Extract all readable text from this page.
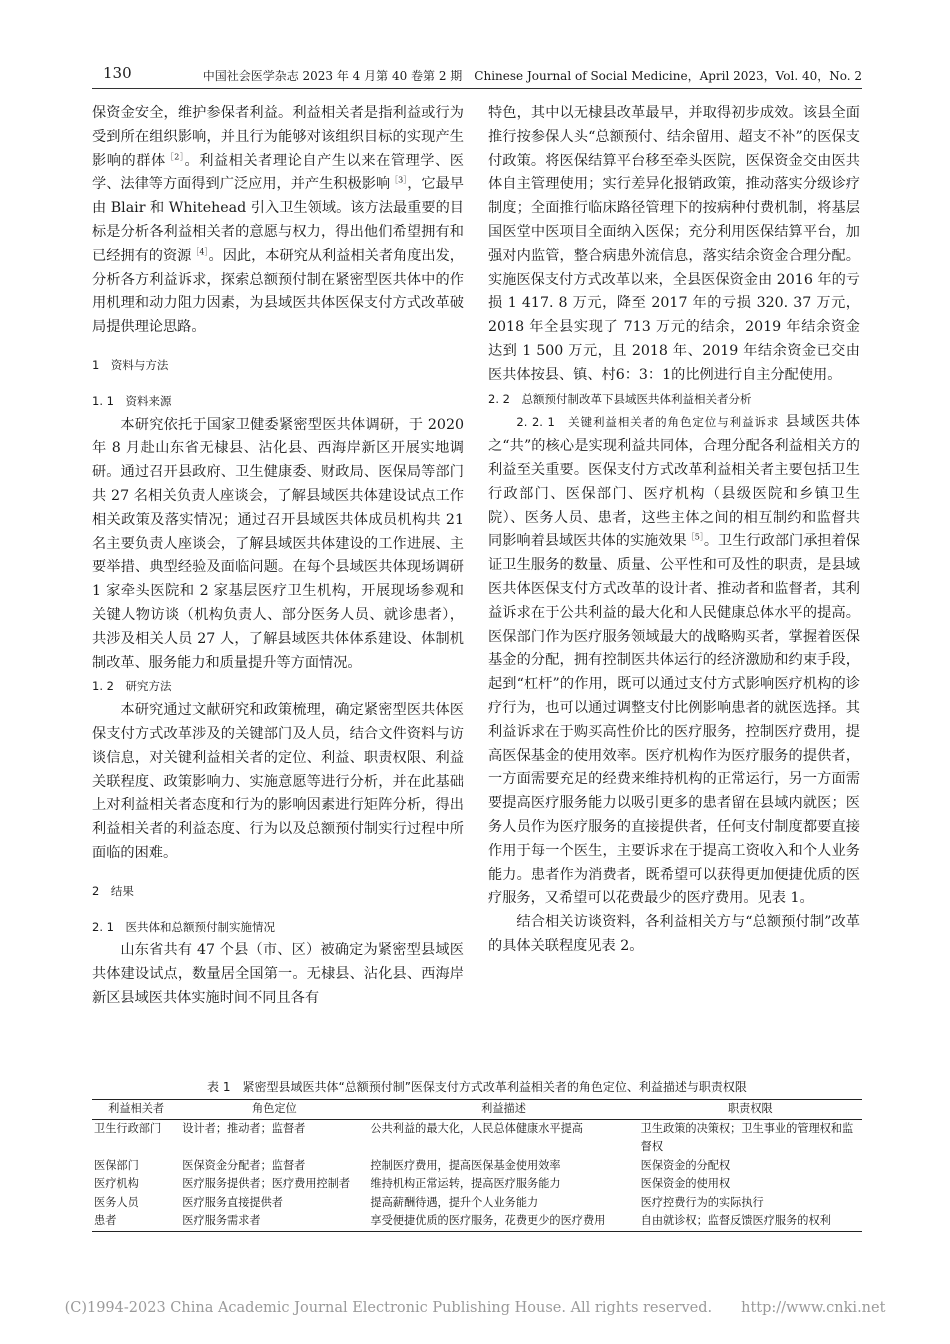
130	中国社会医学杂志 2023 年 4 月第 40 卷第 2 期　Chinese Journal of Social Medicine，April 2023，Vol. 40，No. 2

保资金安全，维护参保者利益。利益相关者是指利益或行为受到所在组织影响，并且行为能够对该组织目标的实现产生影响的群体$^{[2]}$。利益相关者理论自产生以来在管理学、医学、法律等方面得到广泛应用，并产生积极影响$^{[3]}$，它最早由 Blair 和 Whitehead 引入卫生领域。该方法最重要的目标是分析各利益相关者的意愿与权力，得出他们希望拥有和已经拥有的资源$^{[4]}$。因此，本研究从利益相关者角度出发，分析各方利益诉求，探索总额预付制在紧密型医共体中的作用机理和动力阻力因素，为县域医共体医保支付方式改革破局提供理论思路。

1　资料与方法

1. 1　资料来源

本研究依托于国家卫健委紧密型医共体调研，于 2020 年 8 月赴山东省无棣县、沾化县、西海岸新区开展实地调研。通过召开县政府、卫生健康委、财政局、医保局等部门共 27 名相关负责人座谈会，了解县域医共体建设试点工作相关政策及落实情况；通过召开县域医共体成员机构共 21 名主要负责人座谈会，了解县域医共体建设的工作进展、主要举措、典型经验及面临问题。在每个县域医共体现场调研 1 家牵头医院和 2 家基层医疗卫生机构，开展现场参观和关键人物访谈（机构负责人、部分医务人员、就诊患者），共涉及相关人员 27 人，了解县域医共体体系建设、体制机制改革、服务能力和质量提升等方面情况。

1. 2　研究方法

本研究通过文献研究和政策梳理，确定紧密型医共体医保支付方式改革涉及的关键部门及人员，结合文件资料与访谈信息，对关键利益相关者的定位、利益、职责权限、利益关联程度、政策影响力、实施意愿等进行分析，并在此基础上对利益相关者态度和行为的影响因素进行矩阵分析，得出利益相关者的利益态度、行为以及总额预付制实行过程中所面临的困难。

2　结果

2. 1　医共体和总额预付制实施情况

山东省共有 47 个县（市、区）被确定为紧密型县域医共体建设试点，数量居全国第一。无棣县、沾化县、西海岸新区县域医共体实施时间不同且各有

特色，其中以无棣县改革最早，并取得初步成效。该县全面推行按参保人头“总额预付、结余留用、超支不补”的医保支付政策。将医保结算平台移至牵头医院，医保资金交由医共体自主管理使用；实行差异化报销政策，推动落实分级诊疗制度；全面推行临床路径管理下的按病种付费机制，将基层国医堂中医项目全面纳入医保；充分利用医保结算平台，加强对内监管，整合病患外流信息，落实结余资金合理分配。实施医保支付方式改革以来，全县医保资金由 2016 年的亏损 1 417. 8 万元，降至 2017 年的亏损 320. 37 万元，2018 年全县实现了 713 万元的结余，2019 年结余资金达到 1 500 万元，且 2018 年、2019 年结余资金已交由医共体按县、镇、村6：3：1的比例进行自主分配使用。

2. 2　总额预付制改革下县域医共体利益相关者分析

2. 2. 1　关键利益相关者的角色定位与利益诉求 县域医共体之“共”的核心是实现利益共同体，合理分配各利益相关方的利益至关重要。医保支付方式改革利益相关者主要包括卫生行政部门、医保部门、医疗机构（县级医院和乡镇卫生院）、医务人员、患者，这些主体之间的相互制约和监督共同影响着县域医共体的实施效果$^{[5]}$。卫生行政部门承担着保证卫生服务的数量、质量、公平性和可及性的职责，是县域医共体医保支付方式改革的设计者、推动者和监督者，其利益诉求在于公共利益的最大化和人民健康总体水平的提高。医保部门作为医疗服务领域最大的战略购买者，掌握着医保基金的分配，拥有控制医共体运行的经济激励和约束手段，起到“杠杆”的作用，既可以通过支付方式影响医疗机构的诊疗行为，也可以通过调整支付比例影响患者的就医选择。其利益诉求在于购买高性价比的医疗服务，控制医疗费用，提高医保基金的使用效率。医疗机构作为医疗服务的提供者，一方面需要充足的经费来维持机构的正常运行，另一方面需要提高医疗服务能力以吸引更多的患者留在县域内就医；医务人员作为医疗服务的直接提供者，任何支付制度都要直接作用于每一个医生，主要诉求在于提高工资收入和个人业务能力。患者作为消费者，既希望可以获得更加便捷优质的医疗服务，又希望可以花费最少的医疗费用。见表 1。

结合相关访谈资料，各利益相关方与“总额预付制”改革的具体关联程度见表 2。

表 1　紧密型县域医共体“总额预付制”医保支付方式改革利益相关者的角色定位、利益描述与职责权限
利益相关者	角色定位	利益描述	职责权限
卫生行政部门	设计者；推动者；监督者	公共利益的最大化，人民总体健康水平提高	卫生政策的决策权；卫生事业的管理权和监督权
医保部门	医保资金分配者；监督者	控制医疗费用，提高医保基金使用效率	医保资金的分配权
医疗机构	医疗服务提供者；医疗费用控制者	维持机构正常运转，提高医疗服务能力	医保资金的使用权
医务人员	医疗服务直接提供者	提高薪酬待遇，提升个人业务能力	医疗控费行为的实际执行
患者	医疗服务需求者	享受便捷优质的医疗服务，花费更少的医疗费用	自由就诊权；监督反馈医疗服务的权利
(C)1994-2023 China Academic Journal Electronic Publishing House. All rights reserved.　　http://www.cnki.net
